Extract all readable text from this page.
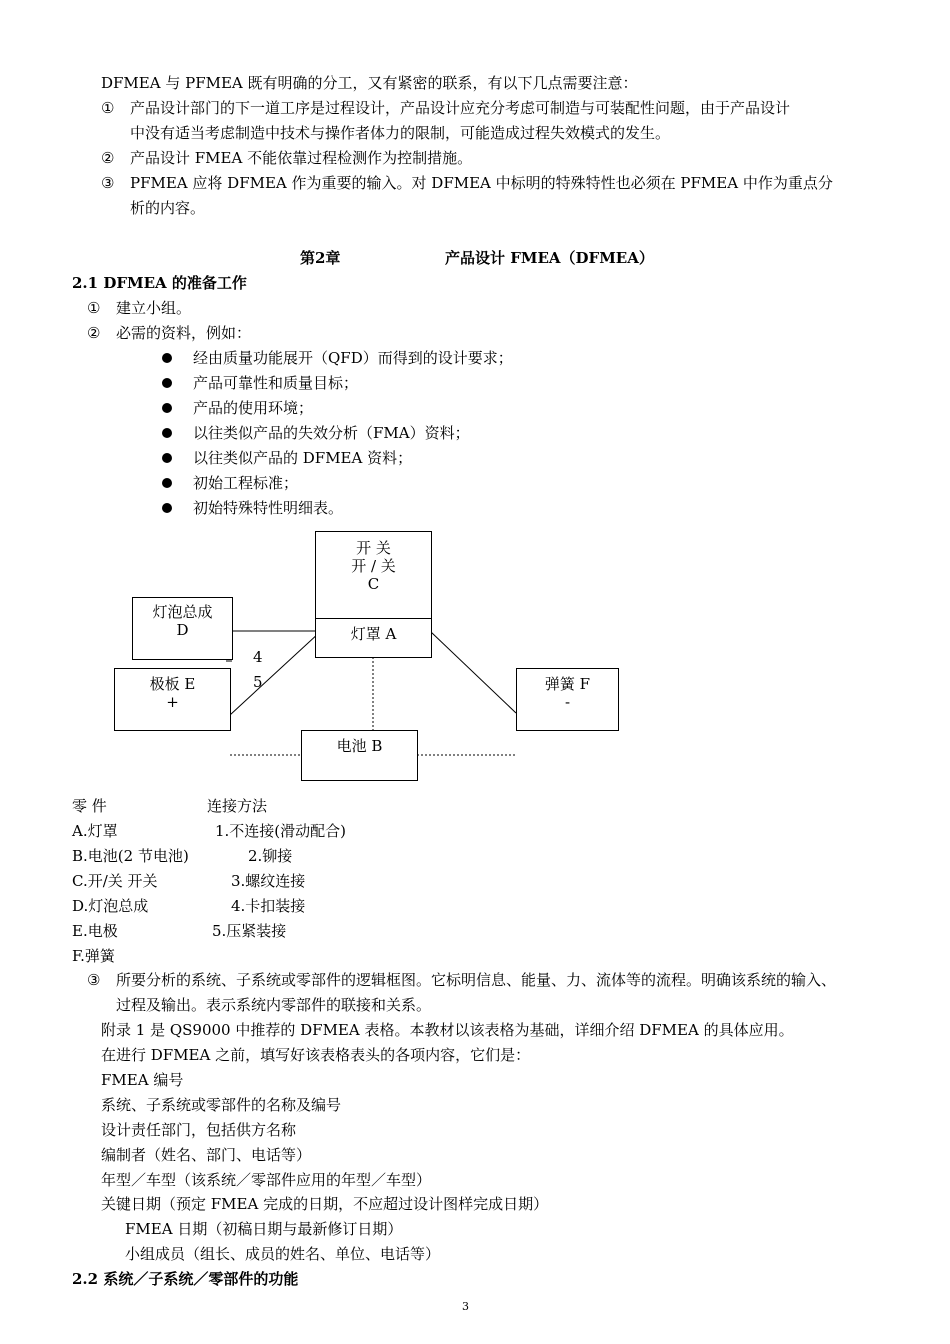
DFMEA 与 PFMEA 既有明确的分工，又有紧密的联系，有以下几点需要注意：
① 产品设计部门的下一道工序是过程设计，产品设计应充分考虑可制造与可装配性问题，由于产品设计
中没有适当考虑制造中技术与操作者体力的限制，可能造成过程失效模式的发生。
② 产品设计 FMEA 不能依靠过程检测作为控制措施。
③ PFMEA 应将 DFMEA 作为重要的输入。对 DFMEA 中标明的特殊特性也必须在 PFMEA 中作为重点分
析的内容。
第2章	产品设计 FMEA（DFMEA）
2.1 DFMEA 的准备工作
① 建立小组。
② 必需的资料，例如：
经由质量功能展开（QFD）而得到的设计要求；
产品可靠性和质量目标；
产品的使用环境；
以往类似产品的失效分析（FMA）资料；
以往类似产品的 DFMEA 资料；
初始工程标准；
初始特殊特性明细表。
开 关
开 / 关
C
灯罩 A
灯泡总成
D
极板 E
+
弹簧 F
-
电池 B
4
5
零 件	连接方法
A.灯罩	1.不连接(滑动配合)
B.电池(2 节电池)	2.铆接
C.开/关 开关	3.螺纹连接
D.灯泡总成	4.卡扣装接
E.电极	5.压紧装接
F.弹簧
③ 所要分析的系统、子系统或零部件的逻辑框图。它标明信息、能量、力、流体等的流程。明确该系统的输入、
过程及输出。表示系统内零部件的联接和关系。
附录 1 是 QS9000 中推荐的 DFMEA 表格。本教材以该表格为基础，详细介绍 DFMEA 的具体应用。
在进行 DFMEA 之前，填写好该表格表头的各项内容，它们是：
FMEA 编号
系统、子系统或零部件的名称及编号
设计责任部门，包括供方名称
编制者（姓名、部门、电话等）
年型／车型（该系统／零部件应用的年型／车型）
关键日期（预定 FMEA 完成的日期，不应超过设计图样完成日期）
FMEA 日期（初稿日期与最新修订日期）
小组成员（组长、成员的姓名、单位、电话等）
2.2 系统／子系统／零部件的功能
3
